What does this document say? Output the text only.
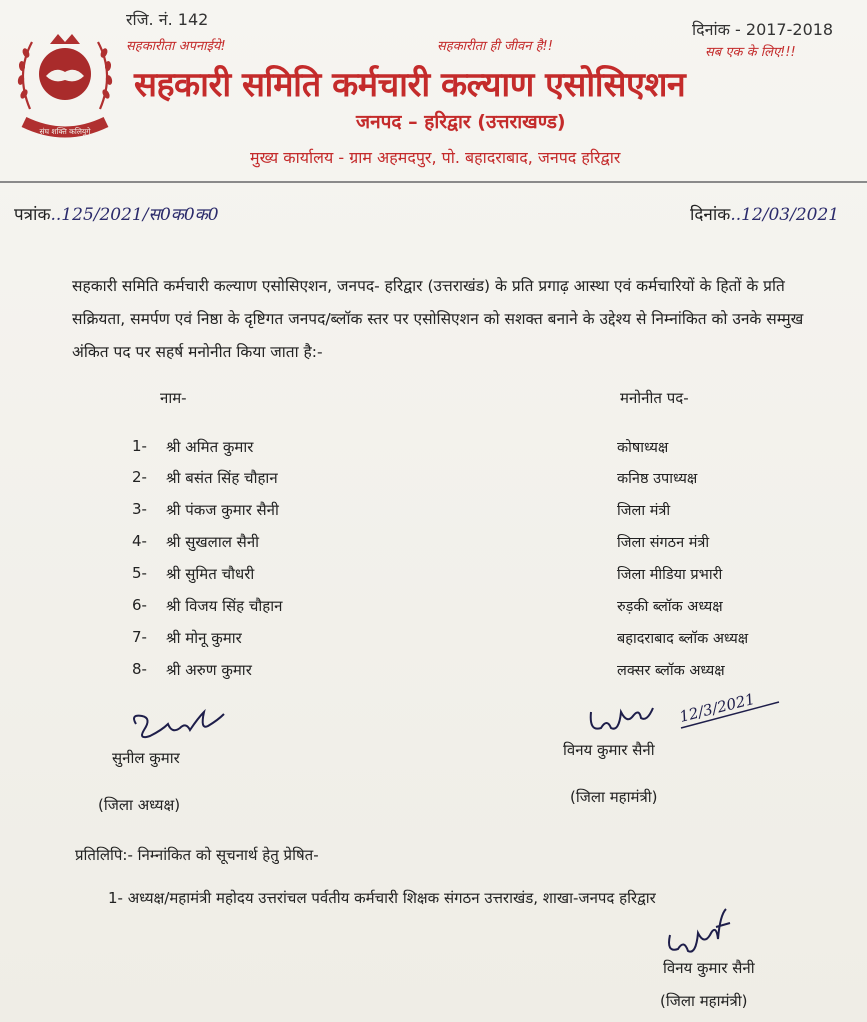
संघ शक्ति कलियुगे
रजि. नं. 142
सहकारीता अपनाईये!	सहकारीता ही जीवन है!!
दिनांक - 2017-2018
सब एक के लिए!!!
सहकारी समिति कर्मचारी कल्याण एसोसिएशन
जनपद – हरिद्वार (उत्तराखण्ड)
मुख्य कार्यालय - ग्राम अहमदपुर, पो. बहादराबाद, जनपद हरिद्वार
पत्रांक..125/2021/स0क0क0	दिनांक..12/03/2021
सहकारी समिति कर्मचारी कल्याण एसोसिएशन, जनपद- हरिद्वार (उत्तराखंड) के प्रति प्रगाढ़ आस्था एवं कर्मचारियों के हितों के प्रति सक्रियता, समर्पण एवं निष्ठा के दृष्टिगत जनपद/ब्लॉक स्तर पर एसोसिएशन को सशक्त बनाने के उद्देश्य से निम्नांकित को उनके सम्मुख अंकित पद पर सहर्ष मनोनीत किया जाता है:-
नाम-	मनोनीत पद-
1- श्री अमित कुमार	कोषाध्यक्ष
2- श्री बसंत सिंह चौहान	कनिष्ठ उपाध्यक्ष
3- श्री पंकज कुमार सैनी	जिला मंत्री
4- श्री सुखलाल सैनी	जिला संगठन मंत्री
5- श्री सुमित चौधरी	जिला मीडिया प्रभारी
6- श्री विजय सिंह चौहान	रुड़की ब्लॉक अध्यक्ष
7- श्री मोनू कुमार	बहादराबाद ब्लॉक अध्यक्ष
8- श्री अरुण कुमार	लक्सर ब्लॉक अध्यक्ष
सुनील कुमार
(जिला अध्यक्ष)
12/3/2021
विनय कुमार सैनी
(जिला महामंत्री)
प्रतिलिपि:- निम्नांकित को सूचनार्थ हेतु प्रेषित-
1- अध्यक्ष/महामंत्री महोदय उत्तरांचल पर्वतीय कर्मचारी शिक्षक संगठन उत्तराखंड, शाखा-जनपद हरिद्वार
विनय कुमार सैनी
(जिला महामंत्री)
